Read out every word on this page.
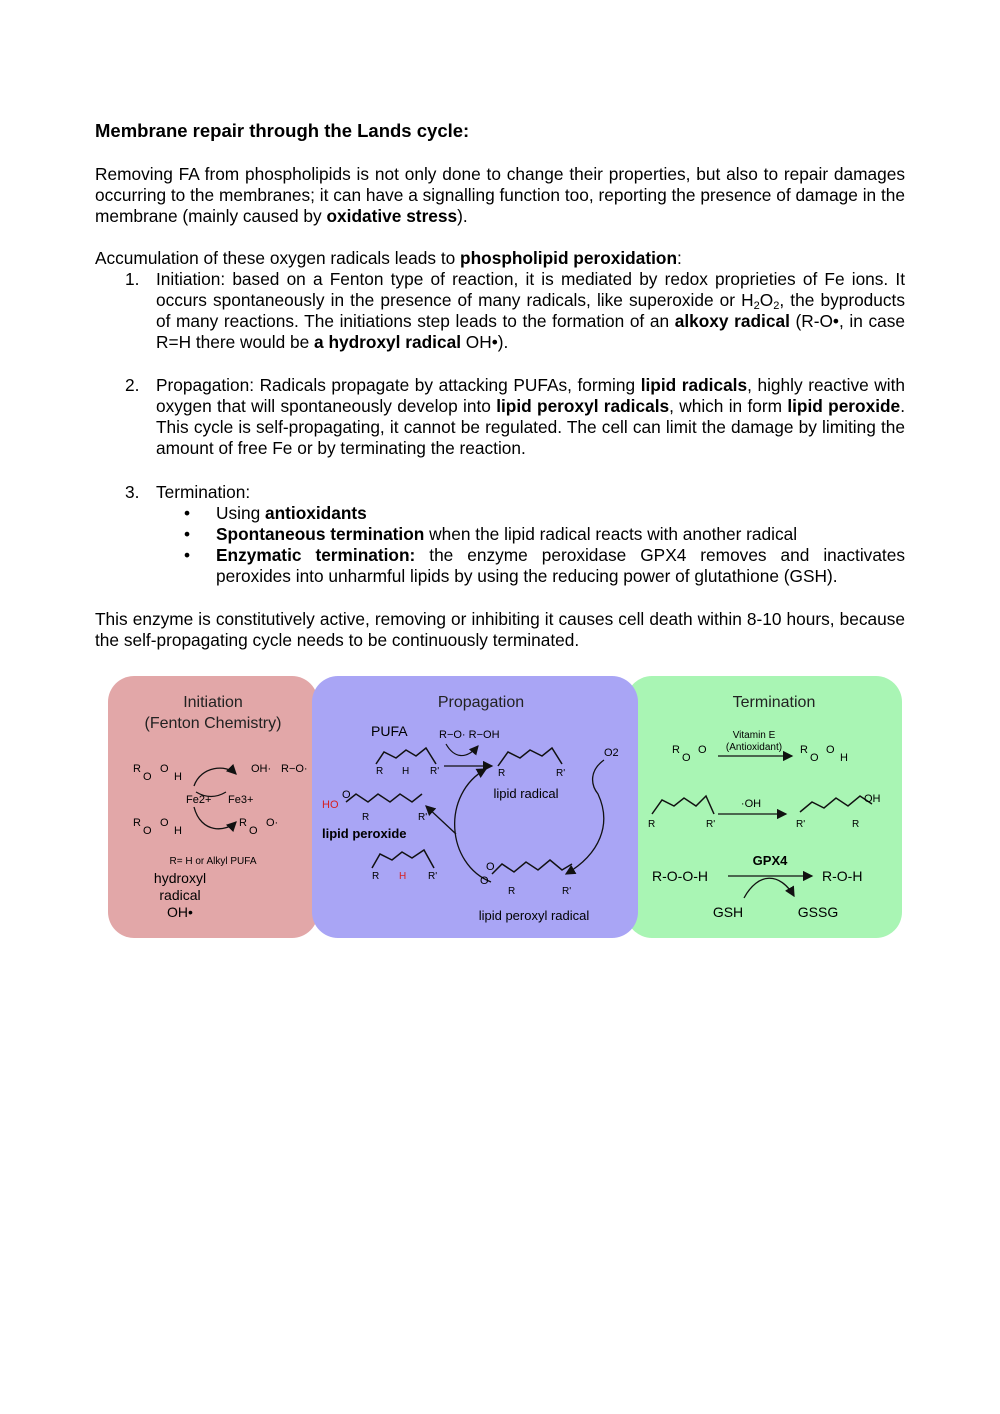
Membrane repair through the Lands cycle:

Removing FA from phospholipids is not only done to change their properties, but also to repair damages occurring to the membranes; it can have a signalling function too, reporting the presence of damage in the membrane (mainly caused by oxidative stress).

Accumulation of these oxygen radicals leads to phospholipid peroxidation:

1. Initiation: based on a Fenton type of reaction, it is mediated by redox proprieties of Fe ions. It occurs spontaneously in the presence of many radicals, like superoxide or $H_2O_2$, the byproducts of many reactions. The initiations step leads to the formation of an alkoxy radical (R-O•, in case R=H there would be a hydroxyl radical OH•).
2. Propagation: Radicals propagate by attacking PUFAs, forming lipid radicals, highly reactive with oxygen that will spontaneously develop into lipid peroxyl radicals, which in form lipid peroxide. This cycle is self-propagating, it cannot be regulated. The cell can limit the damage by limiting the amount of free Fe or by terminating the reaction.
3. Termination:
• Using antioxidants
• Spontaneous termination when the lipid radical reacts with another radical
• Enzymatic termination: the enzyme peroxidase GPX4 removes and inactivates peroxides into unharmful lipids by using the reducing power of glutathione (GSH).

This enzyme is constitutively active, removing or inhibiting it causes cell death within 8-10 hours, because the self-propagating cycle needs to be continuously terminated.

Initiation
(Fenton Chemistry)
R
O
O
H
R
O
O
H
OH· R−O·
Fe2+ Fe3+
R
O
O·
R= H or Alkyl PUFA
hydroxyl
radical
OH•
Propagation
PUFA	R−O· R−OH
R H R'	R	R'
lipid radical
O2
HO
O
R	R'
lipid peroxide
R H R'	O
O
R	R'
lipid peroxyl radical
Termination
Vitamin E
(Antioxidant)
R
O
O	R
O
O
H
R	R'
·OH	OH
R'	R
GPX4
R-O-O-H	R-O-H
GSH	GSSG
